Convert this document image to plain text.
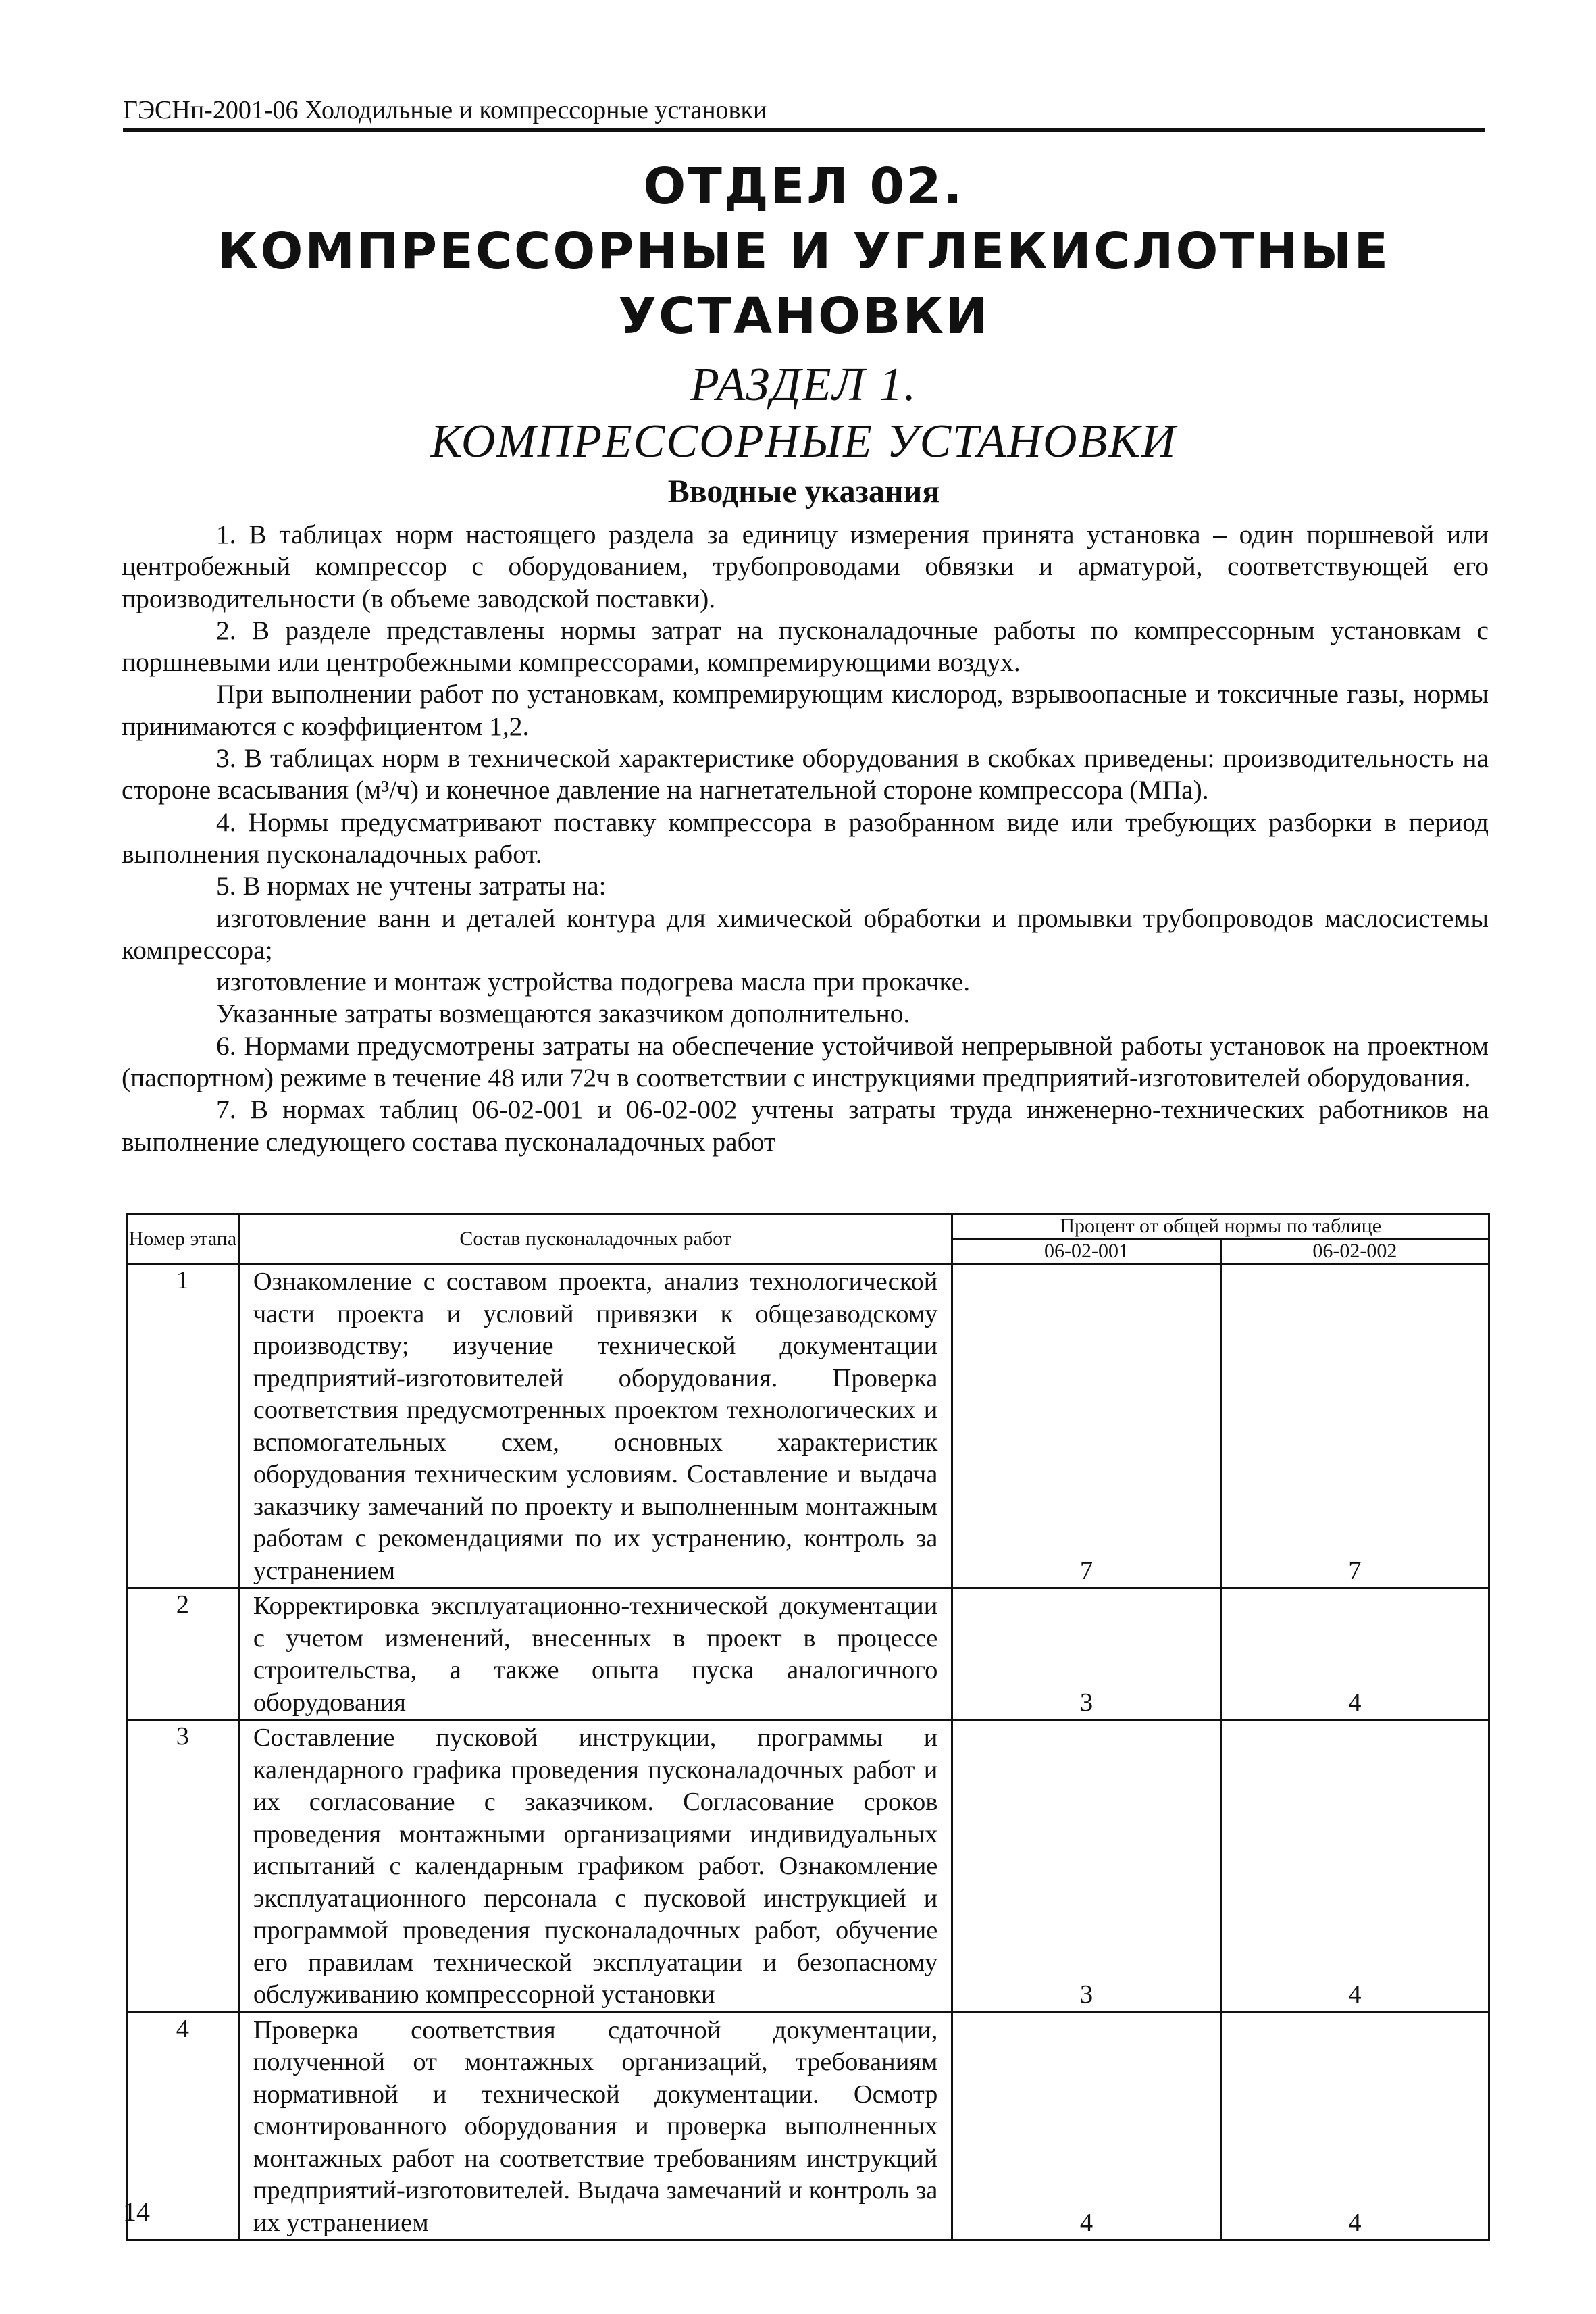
ГЭСНп-2001-06 Холодильные и компрессорные установки
ОТДЕЛ 02.
КОМПРЕССОРНЫЕ И УГЛЕКИСЛОТНЫЕ
УСТАНОВКИ
РАЗДЕЛ 1.
КОМПРЕССОРНЫЕ УСТАНОВКИ
Вводные указания

1. В таблицах норм настоящего раздела за единицу измерения принята установка – один поршневой или центробежный компрессор с оборудованием, трубопроводами обвязки и арматурой, соответствующей его производительности (в объеме заводской поставки).

2. В разделе представлены нормы затрат на пусконаладочные работы по компрессорным установкам с поршневыми или центробежными компрессорами, компремирующими воздух.

При выполнении работ по установкам, компремирующим кислород, взрывоопасные и токсичные газы, нормы принимаются с коэффициентом 1,2.

3. В таблицах норм в технической характеристике оборудования в скобках приведены: производительность на стороне всасывания (м³/ч) и конечное давление на нагнетательной стороне компрессора (МПа).

4. Нормы предусматривают поставку компрессора в разобранном виде или требующих разборки в период выполнения пусконаладочных работ.

5. В нормах не учтены затраты на:

изготовление ванн и деталей контура для химической обработки и промывки трубопроводов маслосистемы компрессора;

изготовление и монтаж устройства подогрева масла при прокачке.

Указанные затраты возмещаются заказчиком дополнительно.

6. Нормами предусмотрены затраты на обеспечение устойчивой непрерывной работы установок на проектном (паспортном) режиме в течение 48 или 72ч в соответствии с инструкциями предприятий-изготовителей оборудования.

7. В нормах таблиц 06-02-001 и 06-02-002 учтены затраты труда инженерно-технических работников на выполнение следующего состава пусконаладочных работ

Номер этапа	Состав пусконаладочных работ	Процент от общей нормы по таблице	
		06-02-001	06-02-002
1	Ознакомление с составом проекта, анализ технологической части проекта и условий привязки к общезаводскому производству; изучение технической документации предприятий-изготовителей оборудования. Проверка соответствия предусмотренных проектом технологических и вспомогательных схем, основных характеристик оборудования техническим условиям. Составление и выдача заказчику замечаний по проекту и выполненным монтажным работам с рекомендациями по их устранению, контроль за устранением	7	7
2	Корректировка эксплуатационно-технической документации с учетом изменений, внесенных в проект в процессе строительства, а также опыта пуска аналогичного оборудования	3	4
3	Составление пусковой инструкции, программы и календарного графика проведения пусконаладочных работ и их согласование с заказчиком. Согласование сроков проведения монтажными организациями индивидуальных испытаний с календарным графиком работ. Ознакомление эксплуатационного персонала с пусковой инструкцией и программой проведения пусконаладочных работ, обучение его правилам технической эксплуатации и безопасному обслуживанию компрессорной установки	3	4
4	Проверка соответствия сдаточной документации, полученной от монтажных организаций, требованиям нормативной и технической документации. Осмотр смонтированного оборудования и проверка выполненных монтажных работ на соответствие требованиям инструкций предприятий-изготовителей. Выдача замечаний и контроль за их устранением	4	4
14
